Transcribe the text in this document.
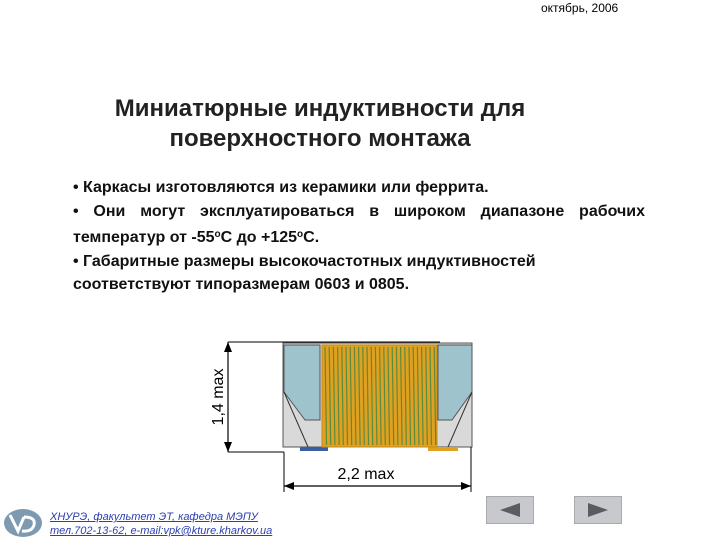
октябрь, 2006
Миниатюрные индуктивности для
поверхностного монтажа

• Каркасы изготовляются из керамики или феррита.

• Они могут эксплуатироваться в широком диапазоне рабочих температур от $-55^оС$ до $+125^оС$.

• Габаритные размеры высокочастотных индуктивностей соответствуют типоразмерам 0603 и 0805.

1,4 max
2,2 max
ХНУРЭ, факультет ЭТ, кафедра МЭПУ
тел.702-13-62, e-mail:vpk@kture.kharkov.ua
